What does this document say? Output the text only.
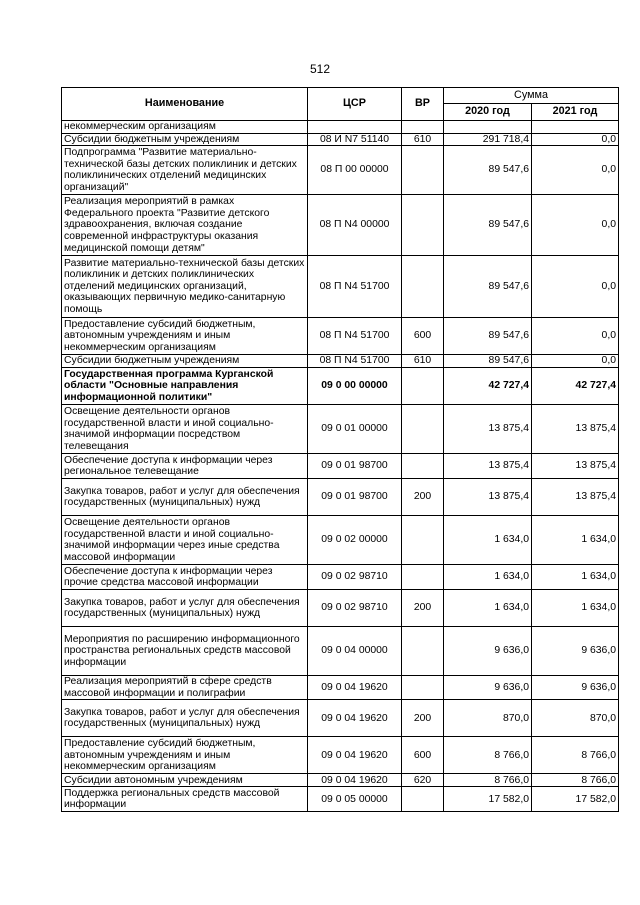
512
Наименование	ЦСР	ВР	Сумма	
			2020 год	2021 год
некоммерческим организациям				
Субсидии бюджетным учреждениям	08 И N7 51140	610	291 718,4	0,0
Подпрограмма "Развитие материально-технической базы детских поликлиник и детских поликлинических отделений медицинских организаций"	08 П 00 00000		89 547,6	0,0
Реализация мероприятий в рамках Федерального проекта "Развитие детского здравоохранения, включая создание современной инфраструктуры оказания медицинской помощи детям"	08 П N4 00000		89 547,6	0,0
Развитие материально-технической базы детских поликлиник и детских поликлинических отделений медицинских организаций, оказывающих первичную медико-санитарную помощь	08 П N4 51700		89 547,6	0,0
Предоставление субсидий бюджетным, автономным учреждениям и иным некоммерческим организациям	08 П N4 51700	600	89 547,6	0,0
Субсидии бюджетным учреждениям	08 П N4 51700	610	89 547,6	0,0
Государственная программа Курганской области "Основные направления информационной политики"	09 0 00 00000		42 727,4	42 727,4
Освещение деятельности органов государственной власти и иной социально-значимой информации посредством телевещания	09 0 01 00000		13 875,4	13 875,4
Обеспечение доступа к информации через региональное телевещание	09 0 01 98700		13 875,4	13 875,4
Закупка товаров, работ и услуг для обеспечения государственных (муниципальных) нужд	09 0 01 98700	200	13 875,4	13 875,4
Освещение деятельности органов государственной власти и иной социально-значимой информации через иные средства массовой информации	09 0 02 00000		1 634,0	1 634,0
Обеспечение доступа к информации через прочие средства массовой информации	09 0 02 98710		1 634,0	1 634,0
Закупка товаров, работ и услуг для обеспечения государственных (муниципальных) нужд	09 0 02 98710	200	1 634,0	1 634,0
Мероприятия по расширению информационного пространства региональных средств массовой информации	09 0 04 00000		9 636,0	9 636,0
Реализация мероприятий в сфере средств массовой информации и полиграфии	09 0 04 19620		9 636,0	9 636,0
Закупка товаров, работ и услуг для обеспечения государственных (муниципальных) нужд	09 0 04 19620	200	870,0	870,0
Предоставление субсидий бюджетным, автономным учреждениям и иным некоммерческим организациям	09 0 04 19620	600	8 766,0	8 766,0
Субсидии автономным учреждениям	09 0 04 19620	620	8 766,0	8 766,0
Поддержка региональных средств массовой информации	09 0 05 00000		17 582,0	17 582,0
